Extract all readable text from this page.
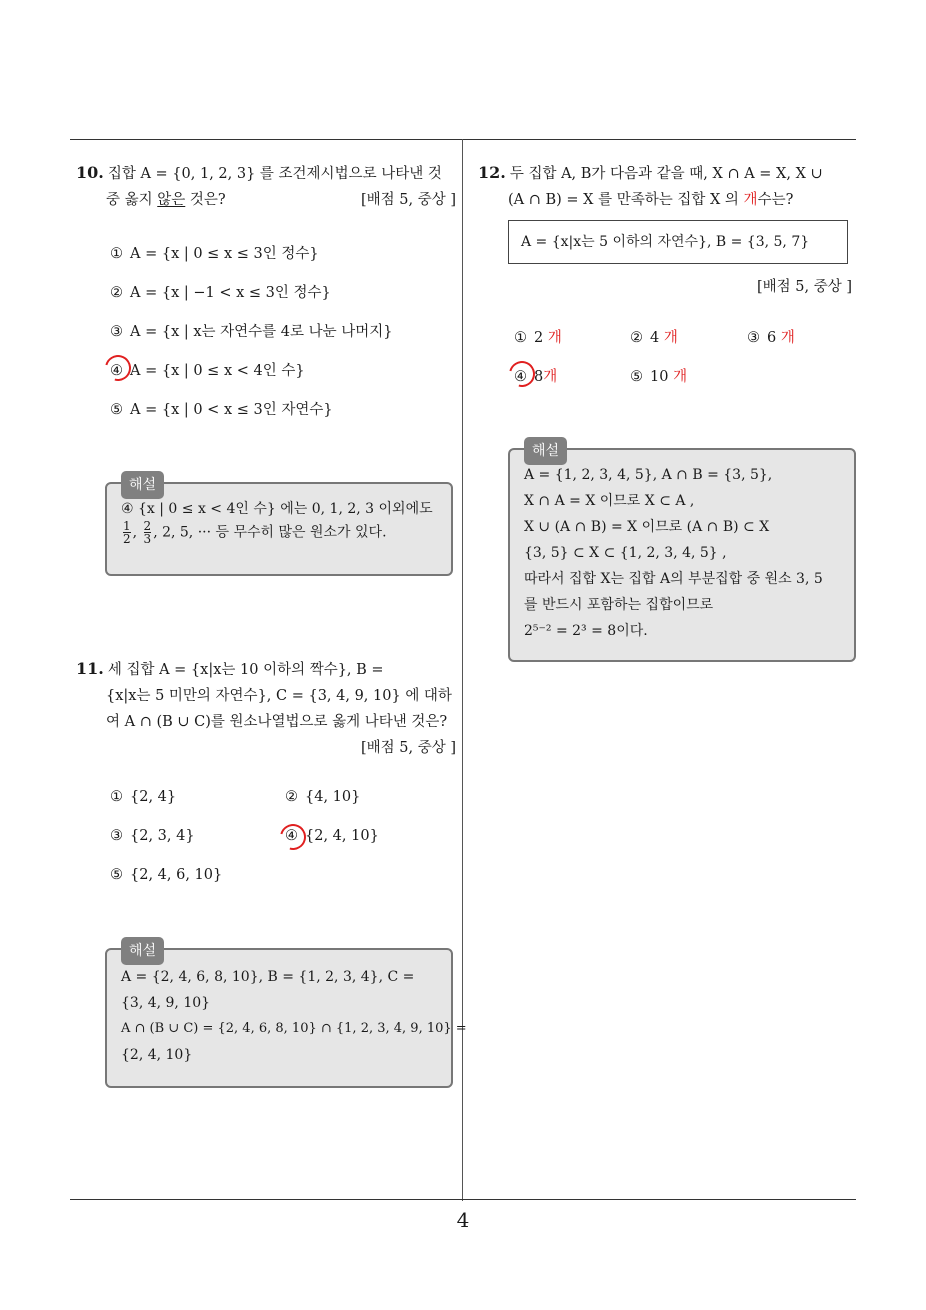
10. 집합 A = {0, 1, 2, 3} 를 조건제시법으로 나타낸 것
중 옳지 않은 것은?	[배점 5, 중상 ]
① A = {x | 0 ≤ x ≤ 3인 정수}
② A = {x | −1 < x ≤ 3인 정수}
③ A = {x | x는 자연수를 4로 나눈 나머지}
④ A = {x | 0 ≤ x < 4인 수}
⑤ A = {x | 0 < x ≤ 3인 자연수}
해설
④ {x | 0 ≤ x < 4인 수} 에는 0, 1, 2, 3 이외에도
$\frac{1}{2}$ , $\frac{2}{3}$ , 2, 5, ··· 등 무수히 많은 원소가 있다.
11. 세 집합 A = {x|x는 10 이하의 짝수}, B =
{x|x는 5 미만의 자연수}, C = {3, 4, 9, 10} 에 대하
여 A ∩ (B ∪ C)를 원소나열법으로 옳게 나타낸 것은?
[배점 5, 중상 ]
① {2, 4}	② {4, 10}
③ {2, 3, 4}	④ {2, 4, 10}
⑤ {2, 4, 6, 10}
해설
A = {2, 4, 6, 8, 10}, B = {1, 2, 3, 4}, C =
{3, 4, 9, 10}
A ∩ (B ∪ C) = {2, 4, 6, 8, 10} ∩ {1, 2, 3, 4, 9, 10} =
{2, 4, 10}
12. 두 집합 A, B가 다음과 같을 때, X ∩ A = X, X ∪
(A ∩ B) = X 를 만족하는 집합 X 의 개수는?
A = {x|x는 5 이하의 자연수}, B = {3, 5, 7}
[배점 5, 중상 ]
① 2 개	② 4 개	③ 6 개
④ 8개	⑤ 10 개
해설
A = {1, 2, 3, 4, 5}, A ∩ B = {3, 5},
X ∩ A = X 이므로 X ⊂ A ,
X ∪ (A ∩ B) = X 이므로 (A ∩ B) ⊂ X
{3, 5} ⊂ X ⊂ {1, 2, 3, 4, 5} ,
따라서 집합 X는 집합 A의 부분집합 중 원소 3, 5
를 반드시 포함하는 집합이므로
2⁵⁻² = 2³ = 8이다.
4
